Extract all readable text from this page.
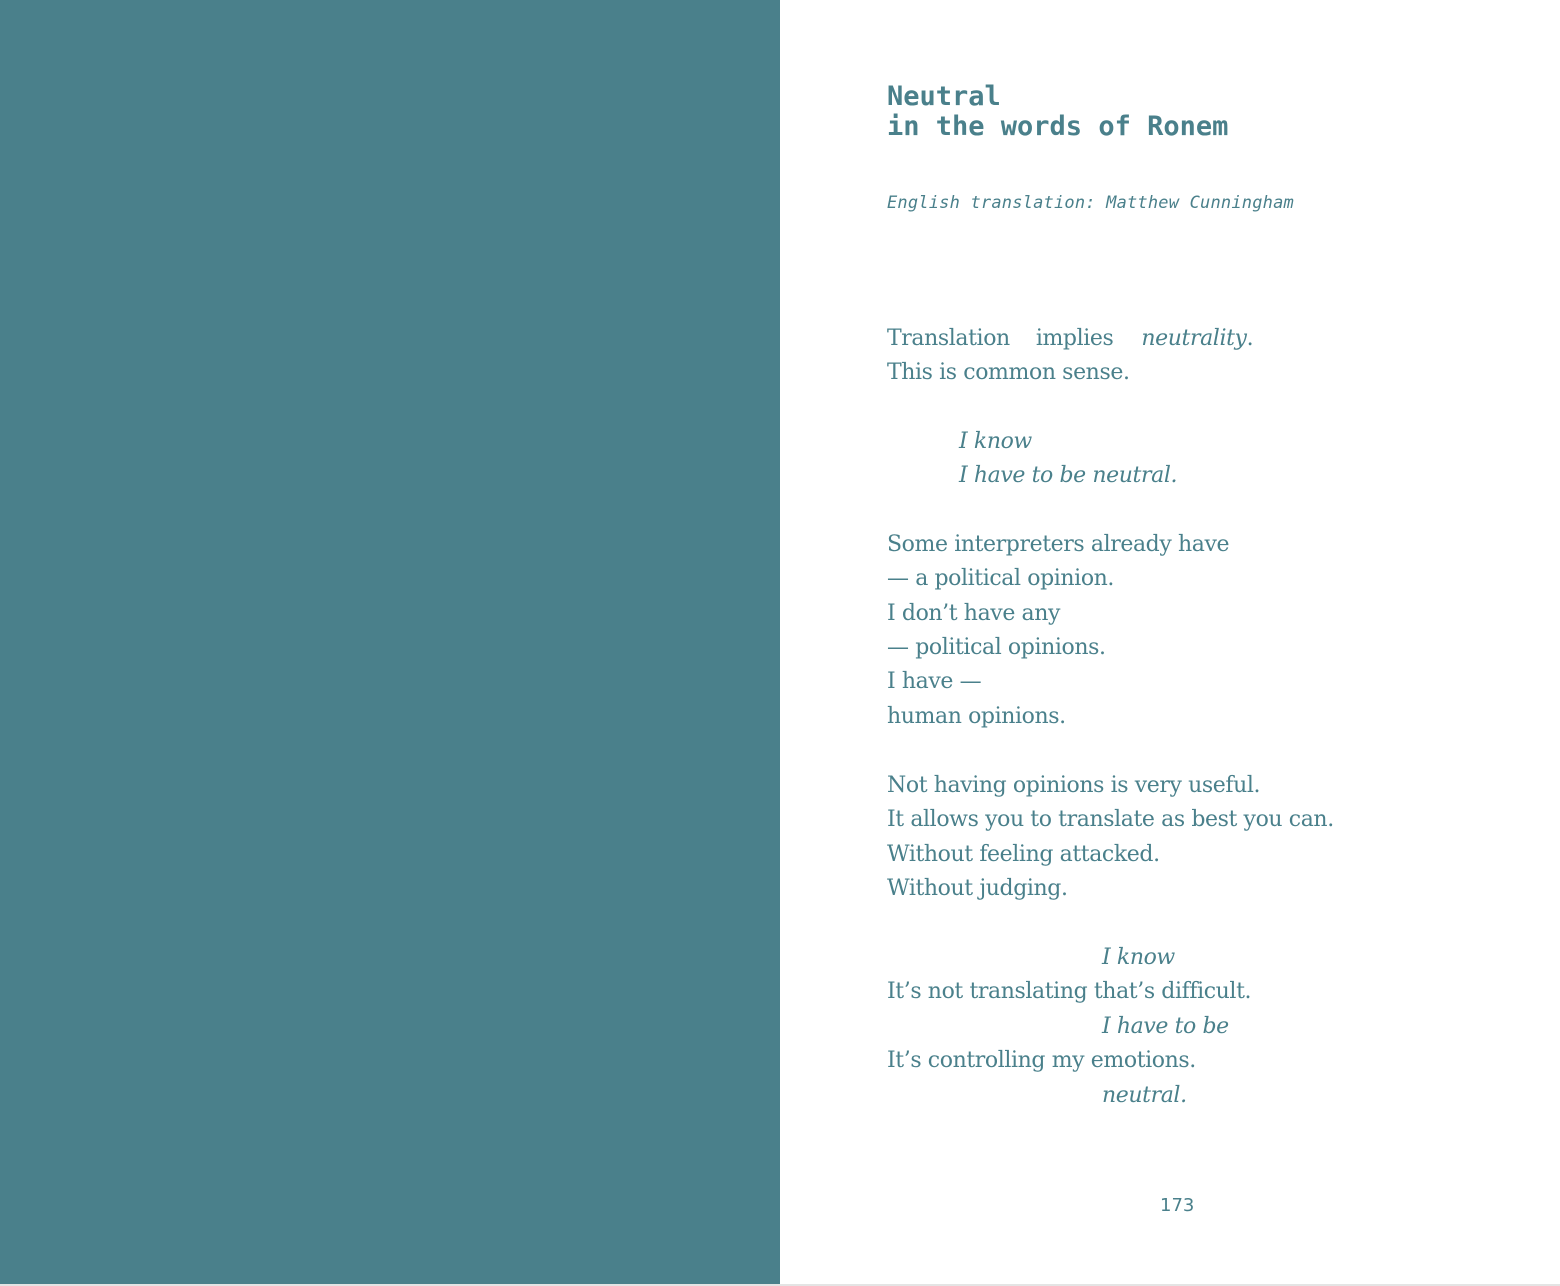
Neutral
in the words of Ronem
English translation: Matthew Cunningham
Translation implies neutrality.
This is common sense.
I know
I have to be neutral.
Some interpreters already have
— a political opinion.
I don’t have any
— political opinions.
I have —
human opinions.
Not having opinions is very useful.
It allows you to translate as best you can.
Without feeling attacked.
Without judging.
I know
It’s not translating that’s difficult.
I have to be
It’s controlling my emotions.
neutral.
173
